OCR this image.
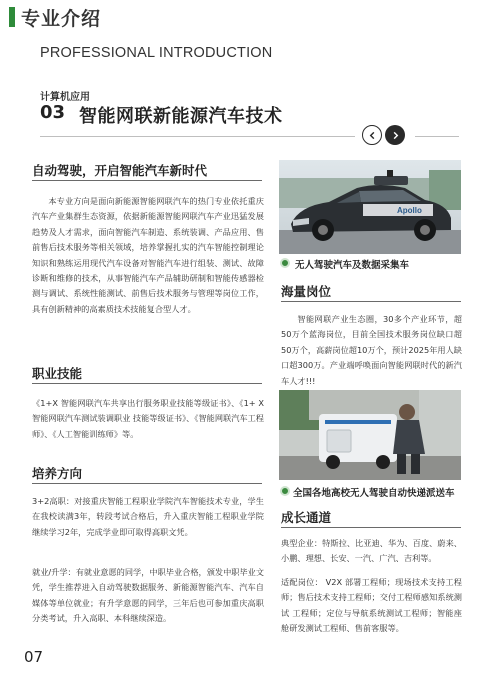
专业介绍
PROFESSIONAL INTRODUCTION
计算机应用
03 智能网联新能源汽车技术
自动驾驶，开启智能汽车新时代
本专业方向是面向新能源智能网联汽车的热门专业依托重庆汽车产业集群生态资源，依据新能源智能网联汽车产业迅猛发展趋势及人才需求，面向智能汽车制造、系统装调、产品应用、售前售后技术服务等相关领域，培养掌握扎实的汽车智能控制理论知识和熟练运用现代汽车设备对智能汽车进行组装、测试、故障诊断和维修的技术，从事智能汽车产品辅助研制和智能传感器检测与调试、系统性能测试、前售后技术服务与管理等岗位工作，具有创新精神的高素质技术技能复合型人才。
职业技能
《1+X 智能网联汽车共享出行服务职业技能等级证书》、《1+ X 智能网联汽车测试装调职业 技能等级证书》、《智能网联汽车工程师》、《人工智能训练师》等。
培养方向
3+2高职：对接重庆智能工程职业学院汽车智能技术专业，学生在我校读满3年，转段考试合格后，升入重庆智能工程职业学院继续学习2年，完成学业即可取得高职文凭。
就业/升学：有就业意愿的同学，中职毕业合格，颁发中职毕业文凭，学生推荐进入自动驾驶数据服务、新能源智能汽车、汽车自媒体等单位就业；有升学意愿的同学，三年后也可参加重庆高职分类考试，升入高职、本科继续深造。
Apollo
无人驾驶汽车及数据采集车
海量岗位
智能网联产业生态圈，30多个产业环节，超50万个蓝海岗位，目前全国技术服务岗位缺口超50万个，高薪岗位超10万个，预计2025年用人缺口超300万。产业端呼唤面向智能网联时代的新汽车人才!!!
全国各地高校无人驾驶自动快递派送车
成长通道
典型企业：特斯拉、比亚迪、华为、百度、蔚来、小鹏、理想、长安、一汽、广汽、吉利等。
适配岗位： V2X 部署工程师；现场技术支持工程师；售后技术支持工程师；交付工程师感知系统测试 工程师；定位与导航系统测试工程师；智能座舱研发测试工程师、售前客服等。
07
